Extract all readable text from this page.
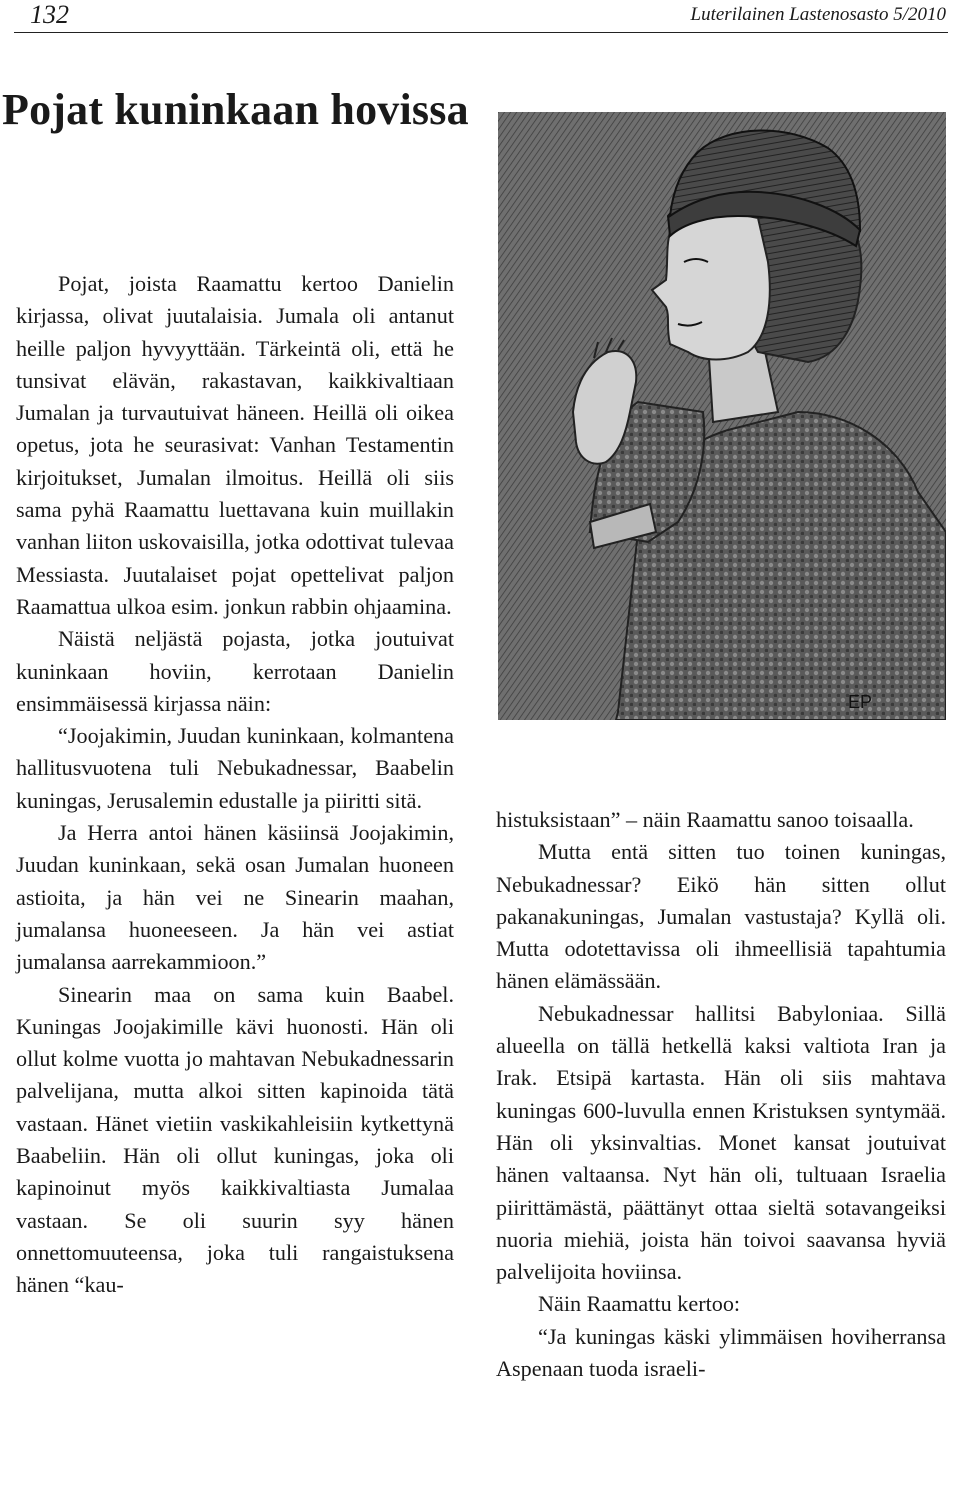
132	Luterilainen Lastenosasto 5/2010
Pojat kuninkaan hovissa

Pojat, joista Raamattu kertoo Danielin kirjassa, olivat juutalaisia. Jumala oli antanut heille paljon hyvyyttään. Tärkeintä oli, että he tunsivat elävän, rakastavan, kaikkivaltiaan Jumalan ja turvautuivat häneen. Heillä oli oikea opetus, jota he seurasivat: Vanhan Testamentin kirjoitukset, Jumalan ilmoitus. Heillä oli siis sama pyhä Raamattu luettavana kuin muillakin vanhan liiton uskovaisilla, jotka odottivat tulevaa Messiasta. Juutalaiset pojat opettelivat paljon Raamattua ulkoa esim. jonkun rabbin ohjaamina.

Näistä neljästä pojasta, jotka joutuivat kuninkaan hoviin, kerrotaan Danielin ensimmäisessä kirjassa näin:

“Joojakimin, Juudan kuninkaan, kolmantena hallitusvuotena tuli Nebukadnessar, Baabelin kuningas, Jerusalemin edustalle ja piiritti sitä.

Ja Herra antoi hänen käsiinsä Joojakimin, Juudan kuninkaan, sekä osan Jumalan huoneen astioita, ja hän vei ne Sinearin maahan, jumalansa huoneeseen. Ja hän vei astiat jumalansa aarrekammioon.”

Sinearin maa on sama kuin Baabel. Kuningas Joojakimille kävi huonosti. Hän oli ollut kolme vuotta jo mahtavan Nebukadnessarin palvelijana, mutta alkoi sitten kapinoida tätä vastaan. Hänet vietiin vaskikahleisiin kytkettynä Baabeliin. Hän oli ollut kuningas, joka oli kapinoinut myös kaikkivaltiasta Jumalaa vastaan. Se oli suurin syy hänen onnettomuuteensa, joka tuli rangaistuksena hänen “kau-

histuksistaan” – näin Raamattu sanoo toisaalla.

Mutta entä sitten tuo toinen kuningas, Nebukadnessar? Eikö hän sitten ollut pakanakuningas, Jumalan vastustaja? Kyllä oli. Mutta odotettavissa oli ihmeellisiä tapahtumia hänen elämässään.

Nebukadnessar hallitsi Babyloniaa. Sillä alueella on tällä hetkellä kaksi valtiota Iran ja Irak. Etsipä kartasta. Hän oli siis mahtava kuningas 600-luvulla ennen Kristuksen syntymää. Hän oli yksinvaltias. Monet kansat joutuivat hänen valtaansa. Nyt hän oli, tultuaan Israelia piirittämästä, päättänyt ottaa sieltä sotavangeiksi nuoria miehiä, joista hän toivoi saavansa hyviä palvelijoita hoviinsa.

Näin Raamattu kertoo:

“Ja kuningas käski ylimmäisen hoviherransa Aspenaan tuoda israeli-

EP
